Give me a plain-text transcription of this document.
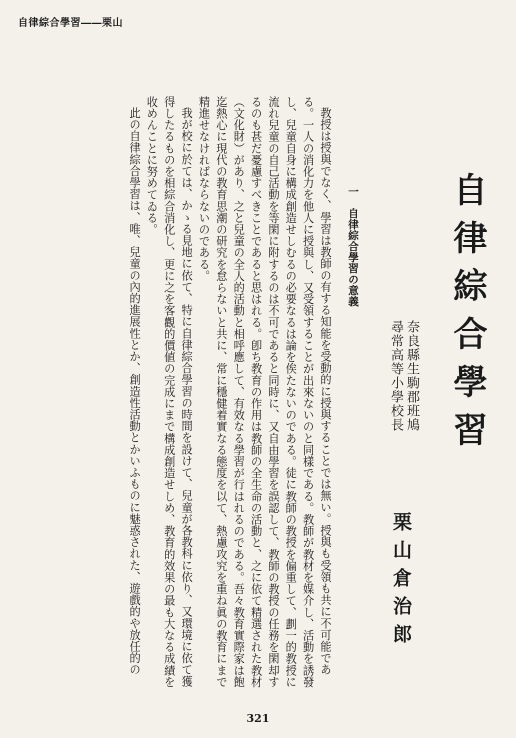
自律綜合學習――栗山
自律綜合學習
奈良縣生駒郡班鳩
尋常高等小學校長
栗山倉治郎
一　自律綜合學習の意義

教授は授與でなく、學習は教師の有する知能を受動的に授與することでは無い。授與も受領も共に不可能である。一人の消化力を他人に授與し、又受領することが出來ないのと同樣である。教師が教材を媒介し、活動を誘發し、兒童自身に構成創造せしむるの必要なるは論を俟たないのである。徒に教師の教授を偏重して、劃一的教授に流れ兒童の自己活動を等閑に附するのは不可であると同時に、又自由學習を誤認して、教師の教授の任務を閑却するのも甚だ憂慮すべきことであると思はれる。卽ち教育の作用は教師の全生命の活動と、之に依て精選された教材（文化財）があり、之と兒童の全人的活動と相呼應して、有效なる學習が行はれるのである。吾々教育實際家は飽迄熱心に現代の教育思潮の研究を怠らないと共に、常に穩健着實なる態度を以て、熱慮攻究を重ね眞の教育にまで精進せなければならないのである。

我が校に於ては、かゝる見地に依て、特に自律綜合學習の時間を設けて、兒童が各教科に依り、又環境に依て獲得したるものを相綜合消化し、更に之を客觀的價値の完成にまで構成創造せしめ、教育的效果の最も大なる成績を收めんことに努めてゐる。

此の自律綜合學習は、唯、兒童の內的進展性とか、創造性活動とかいふものに魅惑された、遊戲的や放任的の

321
